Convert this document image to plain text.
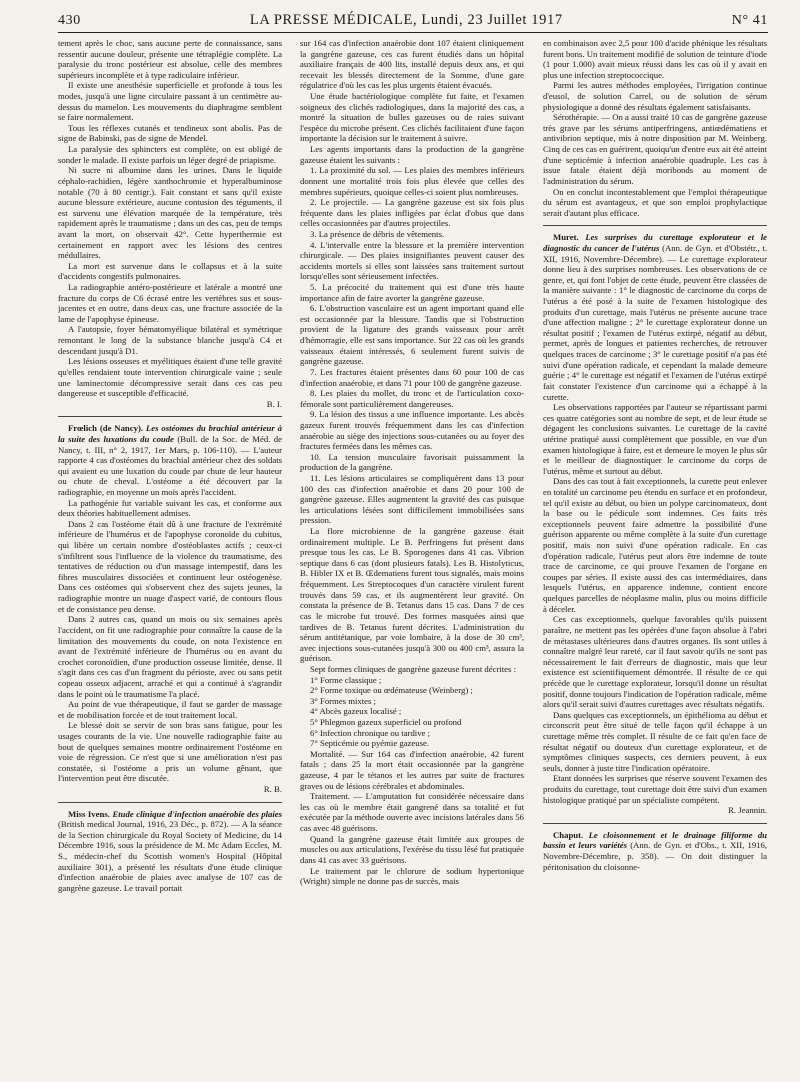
430	LA PRESSE MÉDICALE, Lundi, 23 Juillet 1917	N° 41

tement après le choc, sans aucune perte de connaissance, sans ressentir aucune douleur, présente une tétraplégie complète. La paralysie du tronc postérieur est absolue, celle des membres supérieurs incomplète et à type radiculaire inférieur.

Il existe une anesthésie superficielle et profonde à tous les modes, jusqu'à une ligne circulaire passant à un centimètre au-dessus du mamelon. Les mouvements du diaphragme semblent se faire normalement.

Tous les réflexes cutanés et tendineux sont abolis. Pas de signe de Babinski, pas de signe de Mendel.

La paralysie des sphincters est complète, on est obligé de sonder le malade. Il existe parfois un léger degré de priapisme.

Ni sucre ni albumine dans les urines. Dans le liquide céphalo-rachidien, légère xanthochromie et hyperalbuminose notable (70 à 80 centigr.). Fait constant et sans qu'il existe aucune blessure extérieure, aucune contusion des téguments, il est survenu une élévation marquée de la température, très rapidement après le traumatisme ; dans un des cas, peu de temps avant la mort, on observait 42°. Cette hyperthermie est certainement en rapport avec les lésions des centres médullaires.

La mort est survenue dans le collapsus et à la suite d'accidents congestifs pulmonaires.

La radiographie antéro-postérieure et latérale a montré une fracture du corps de C6 écrasé entre les vertèbres sus et sous-jacentes et en outre, dans deux cas, une fracture associée de la lame de l'apophyse épineuse.

A l'autopsie, foyer hématomyélique bilatéral et symétrique remontant le long de la substance blanche jusqu'à C4 et descendant jusqu'à D1.

Les lésions osseuses et myélitiques étaient d'une telle gravité qu'elles rendaient toute intervention chirurgicale vaine ; seule une laminectomie décompressive serait dans ces cas peu dangereuse et susceptible d'efficacité.

B. I.

Frœlich (de Nancy). Les ostéomes du brachial antérieur à la suite des luxations du coude (Bull. de la Soc. de Méd. de Nancy, t. III, n° 2, 1917, 1er Mars, p. 106-110). — L'auteur rapporte 4 cas d'ostéomes du brachial antérieur chez des soldats qui avaient eu une luxation du coude par chute de leur hauteur ou chute de cheval. L'ostéome a été découvert par la radiographie, en moyenne un mois après l'accident.

La pathogénie fut variable suivant les cas, et conforme aux deux théories habituellement admises.

Dans 2 cas l'ostéome était dû à une fracture de l'extrémité inférieure de l'humérus et de l'apophyse coronoïde du cubitus, qui libère un certain nombre d'ostéoblastes actifs ; ceux-ci s'infiltrent sous l'influence de la violence du traumatisme, des tentatives de réduction ou d'un massage intempestif, dans les fibres musculaires dissociées et continuent leur ostéogenèse. Dans ces ostéomes qui s'observent chez des sujets jeunes, la radiographie montre un nuage d'aspect varié, de contours flous et de consistance peu dense.

Dans 2 autres cas, quand un mois ou six semaines après l'accident, on fit une radiographie pour connaître la cause de la limitation des mouvements du coude, on nota l'existence en avant de l'extrémité inférieure de l'humérus ou en avant du crochet coronoïdien, d'une production osseuse limitée, dense. Il s'agit dans ces cas d'un fragment du périoste, avec ou sans petit copeau osseux adjacent, arraché et qui a continué à s'agrandir dans le point où le traumatisme l'a placé.

Au point de vue thérapeutique, il faut se garder de massage et de mobilisation forcée et de tout traitement local.

Le blessé doit se servir de son bras sans fatigue, pour les usages courants de la vie. Une nouvelle radiographie faite au bout de quelques semaines montre ordinairement l'ostéome en voie de régression. Ce n'est que si une amélioration n'est pas constatée, si l'ostéome a pris un volume gênant, que l'intervention peut être discutée.

R. B.

Miss Ivens. Etude clinique d'infection anaérobie des plaies (British medical Journal, 1916, 23 Déc., p. 872). — A la séance de la Section chirurgicale du Royal Society of Medicine, du 14 Décembre 1916, sous la présidence de M. Mc Adam Eccles, M. S., médecin-chef du Scottish women's Hospital (Hôpital auxiliaire 301), a présenté les résultats d'une étude clinique d'infection anaérobie de plaies avec analyse de 107 cas de gangrène gazeuse. Le travail portait

sur 164 cas d'infection anaérobie dont 107 étaient cliniquement la gangrène gazeuse, ces cas furent étudiés dans un hôpital auxiliaire français de 400 lits, installé depuis deux ans, et qui recevait les blessés directement de la Somme, d'une gare régulatrice d'où les cas les plus urgents étaient évacués.

Une étude bactériologique complète fut faite, et l'examen soigneux des clichés radiologiques, dans la majorité des cas, a montré la situation de bulles gazeuses ou de raies suivant l'espèce du microbe présent. Ces clichés facilitaient d'une façon importante la décision sur le traitement à suivre.

Les agents importants dans la production de la gangrène gazeuse étaient les suivants :

1. La proximité du sol. — Les plaies des membres inférieurs donnent une mortalité trois fois plus élevée que celles des membres supérieurs, quoique celles-ci soient plus nombreuses.

2. Le projectile. — La gangrène gazeuse est six fois plus fréquente dans les plaies infligées par éclat d'obus que dans celles occasionnées par d'autres projectiles.

3. La présence de débris de vêtements.

4. L'intervalle entre la blessure et la première intervention chirurgicale. — Des plaies insignifiantes peuvent causer des accidents mortels si elles sont laissées sans traitement surtout lorsqu'elles sont sérieusement infectées.

5. La précocité du traitement qui est d'une très haute importance afin de faire avorter la gangrène gazeuse.

6. L'obstruction vasculaire est un agent important quand elle est occasionnée par la blessure. Tandis que si l'obstruction provient de la ligature des grands vaisseaux pour arrêt d'hémorragie, elle est sans importance. Sur 22 cas où les grands vaisseaux étaient intéressés, 6 seulement furent suivis de gangrène gazeuse.

7. Les fractures étaient présentes dans 60 pour 100 de cas d'infection anaérobie, et dans 71 pour 100 de gangrène gazeuse.

8. Les plaies du mollet, du tronc et de l'articulation coxo-fémorale sont particulièrement dangereuses.

9. La lésion des tissus a une influence importante. Les abcès gazeux furent trouvés fréquemment dans les cas d'infection anaérobie au siège des injections sous-cutanées ou au foyer des fractures fermées dans les mêmes cas.

10. La tension musculaire favorisait puissamment la production de la gangrène.

11. Les lésions articulaires se compliquèrent dans 13 pour 100 des cas d'infection anaérobie et dans 20 pour 100 de gangrène gazeuse. Elles augmentent la gravité des cas puisque les articulations lésées sont difficilement immobilisées sans pression.

La flore microbienne de la gangrène gazeuse était ordinairement multiple. Le B. Perfringens fut présent dans presque tous les cas. Le B. Sporogenes dans 41 cas. Vibrion septique dans 6 cas (dont plusieurs fatals). Les B. Histolyticus, B. Hibler IX et B. Œdematiens furent tous signalés, mais moins fréquemment. Les Streptocoques d'un caractère virulent furent trouvés dans 59 cas, et ils augmentèrent leur gravité. On constata la présence de B. Tetanus dans 15 cas. Dans 7 de ces cas le microbe fut trouvé. Des formes masquées ainsi que tardives de B. Tetanus furent décrites. L'administration du sérum antitétanique, par voie lombaire, à la dose de 30 cm³, avec injections sous-cutanées jusqu'à 300 ou 400 cm³, assura la guérison.

Sept formes cliniques de gangrène gazeuse furent décrites :

1° Forme classique ;

2° Forme toxique ou œdémateuse (Weinberg) ;

3° Formes mixtes ;

4° Abcès gazeux localisé ;

5° Phlegmon gazeux superficiel ou profond

6° Infection chronique ou tardive ;

7° Septicémie ou pyémie gazeuse.

Mortalité. — Sur 164 cas d'infection anaérobie, 42 furent fatals ; dans 25 la mort était occasionnée par la gangrène gazeuse, 4 par le tétanos et les autres par suite de fractures graves ou de lésions cérébrales et abdominales.

Traitement. — L'amputation fut considérée nécessaire dans les cas où le membre était gangrené dans sa totalité et fut exécutée par la méthode ouverte avec incisions latérales dans 56 cas avec 48 guérisons.

Quand la gangrène gazeuse était limitée aux groupes de muscles ou aux articulations, l'exérèse du tissu lésé fut pratiquée dans 41 cas avec 33 guérisons.

Le traitement par le chlorure de sodium hypertonique (Wright) simple ne donne pas de succès, mais

en combinaison avec 2,5 pour 100 d'acide phénique les résultats furent bons. Un traitement modifié de solution de teinture d'iode (1 pour 1.000) avait mieux réussi dans les cas où il y avait en plus une infection streptococcique.

Parmi les autres méthodes employées, l'irrigation continue d'eusol, de solution Carrel, ou de solution de sérum physiologique a donné des résultats également satisfaisants.

Sérothérapie. — On a aussi traité 10 cas de gangrène gazeuse très grave par les sérums antiperfringens, antiœdématiens et antivibrion septique, mis à notre disposition par M. Weinberg. Cinq de ces cas en guérirent, quoiqu'un d'entre eux ait été atteint d'une septicémie à infection anaérobie quadruple. Les cas à issue fatale étaient déjà moribonds au moment de l'administration du sérum.

On en conclut incontestablement que l'emploi thérapeutique du sérum est avantageux, et que son emploi prophylactique serait d'autant plus efficace.

Muret. Les surprises du curettage explorateur et le diagnostic du cancer de l'utérus (Ann. de Gyn. et d'Obstétr., t. XII, 1916, Novembre-Décembre). — Le curettage explorateur donne lieu à des surprises nombreuses. Les observations de ce genre, et, qui font l'objet de cette étude, peuvent être classées de la manière suivante : 1° le diagnostic de carcinome du corps de l'utérus a été posé à la suite de l'examen histologique des produits d'un curettage, mais l'utérus ne présente aucune trace d'une affection maligne ; 2° le curettage explorateur donne un résultat positif ; l'examen de l'utérus extirpé, négatif au début, permet, après de longues et patientes recherches, de retrouver quelques traces de carcinome ; 3° le curettage positif n'a pas été suivi d'une opération radicale, et cependant la malade demeure guérie ; 4° le curettage est négatif et l'examen de l'utérus extirpé fait constater l'existence d'un carcinome qui a échappé à la curette.

Les observations rapportées par l'auteur se répartissant parmi ces quatre catégories sont au nombre de sept, et de leur étude se dégagent les conclusions suivantes. Le curettage de la cavité utérine pratiqué aussi complètement que possible, en vue d'un examen histologique à faire, est et demeure le moyen le plus sûr et le meilleur de diagnostiquer le carcinome du corps de l'utérus, même et surtout au début.

Dans des cas tout à fait exceptionnels, la curette peut enlever en totalité un carcinome peu étendu en surface et en profondeur, tel qu'il existe au début, ou bien un polype carcinomateux, dont la base ou le pédicule sont indemnes. Ces faits très exceptionnels peuvent faire admettre la possibilité d'une guérison apparente ou même complète à la suite d'un curettage positif, mais non suivi d'une opération radicale. En cas d'opération radicale, l'utérus peut alors être indemne de toute trace de carcinome, ce qui prouve l'examen de l'organe en coupes par séries. Il existe aussi des cas intermédiaires, dans lesquels l'utérus, en apparence indemne, contient encore quelques parcelles de néoplasme malin, plus ou moins difficile à déceler.

Ces cas exceptionnels, quelque favorables qu'ils puissent paraître, ne mettent pas les opérées d'une façon absolue à l'abri de métastases ultérieures dans d'autres organes. Ils sont utiles à connaître malgré leur rareté, car il faut savoir qu'ils ne sont pas nécessairement le fait d'erreurs de diagnostic, mais que leur existence est scientifiquement démontrée. Il résulte de ce qui précède que le curettage explorateur, lorsqu'il donne un résultat positif, donne toujours l'indication de l'opération radicale, même alors qu'il serait suivi d'autres curettages avec résultats négatifs.

Dans quelques cas exceptionnels, un épithélioma au début et circonscrit peut être situé de telle façon qu'il échappe à un curettage même très complet. Il résulte de ce fait qu'en face de résultat négatif ou douteux d'un curettage explorateur, et de symptômes cliniques suspects, ces derniers peuvent, à eux seuls, donner à juste titre l'indication opératoire.

Etant données les surprises que réserve souvent l'examen des produits du curettage, tout curettage doit être suivi d'un examen histologique pratiqué par un spécialiste compétent.

R. Jeannin.

Chaput. Le cloisonnement et le drainage filiforme du bassin et leurs variétés (Ann. de Gyn. et d'Obs., t. XII, 1916, Novembre-Décembre, p. 358). — On doit distinguer la péritonisation du cloisonne-
